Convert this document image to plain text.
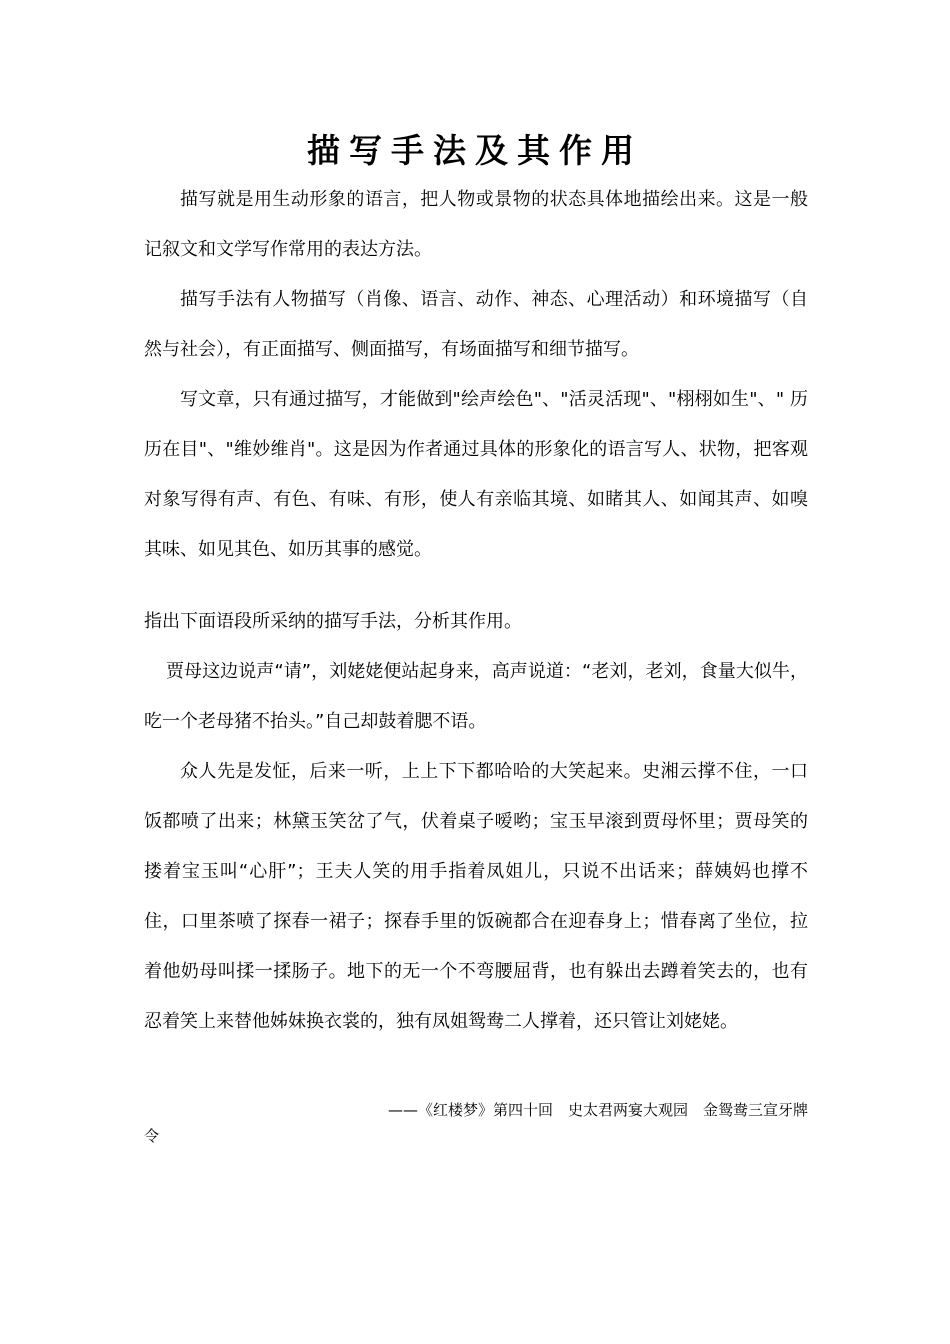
描写手法及其作用

描写就是用生动形象的语言，把人物或景物的状态具体地描绘出来。这是一般记叙文和文学写作常用的表达方法。

描写手法有人物描写（肖像、语言、动作、神态、心理活动）和环境描写（自然与社会），有正面描写、侧面描写，有场面描写和细节描写。

写文章，只有通过描写，才能做到"绘声绘色"、"活灵活现"、"栩栩如生"、" 历历在目"、"维妙维肖"。这是因为作者通过具体的形象化的语言写人、状物，把客观对象写得有声、有色、有味、有形，使人有亲临其境、如睹其人、如闻其声、如嗅其味、如见其色、如历其事的感觉。

指出下面语段所采纳的描写手法，分析其作用。

贾母这边说声“请”，刘姥姥便站起身来，高声说道：“老刘，老刘，食量大似牛，吃一个老母猪不抬头。”自己却鼓着腮不语。

众人先是发怔，后来一听，上上下下都哈哈的大笑起来。史湘云撑不住，一口饭都喷了出来；林黛玉笑岔了气，伏着桌子嗳哟；宝玉早滚到贾母怀里；贾母笑的搂着宝玉叫“心肝”；王夫人笑的用手指着凤姐儿，只说不出话来；薛姨妈也撑不住，口里茶喷了探春一裙子；探春手里的饭碗都合在迎春身上；惜春离了坐位，拉着他奶母叫揉一揉肠子。地下的无一个不弯腰屈背，也有躲出去蹲着笑去的，也有忍着笑上来替他姊妹换衣裳的，独有凤姐鸳鸯二人撑着，还只管让刘姥姥。

——《红楼梦》第四十回　史太君两宴大观园　金鸳鸯三宣牙牌
令
